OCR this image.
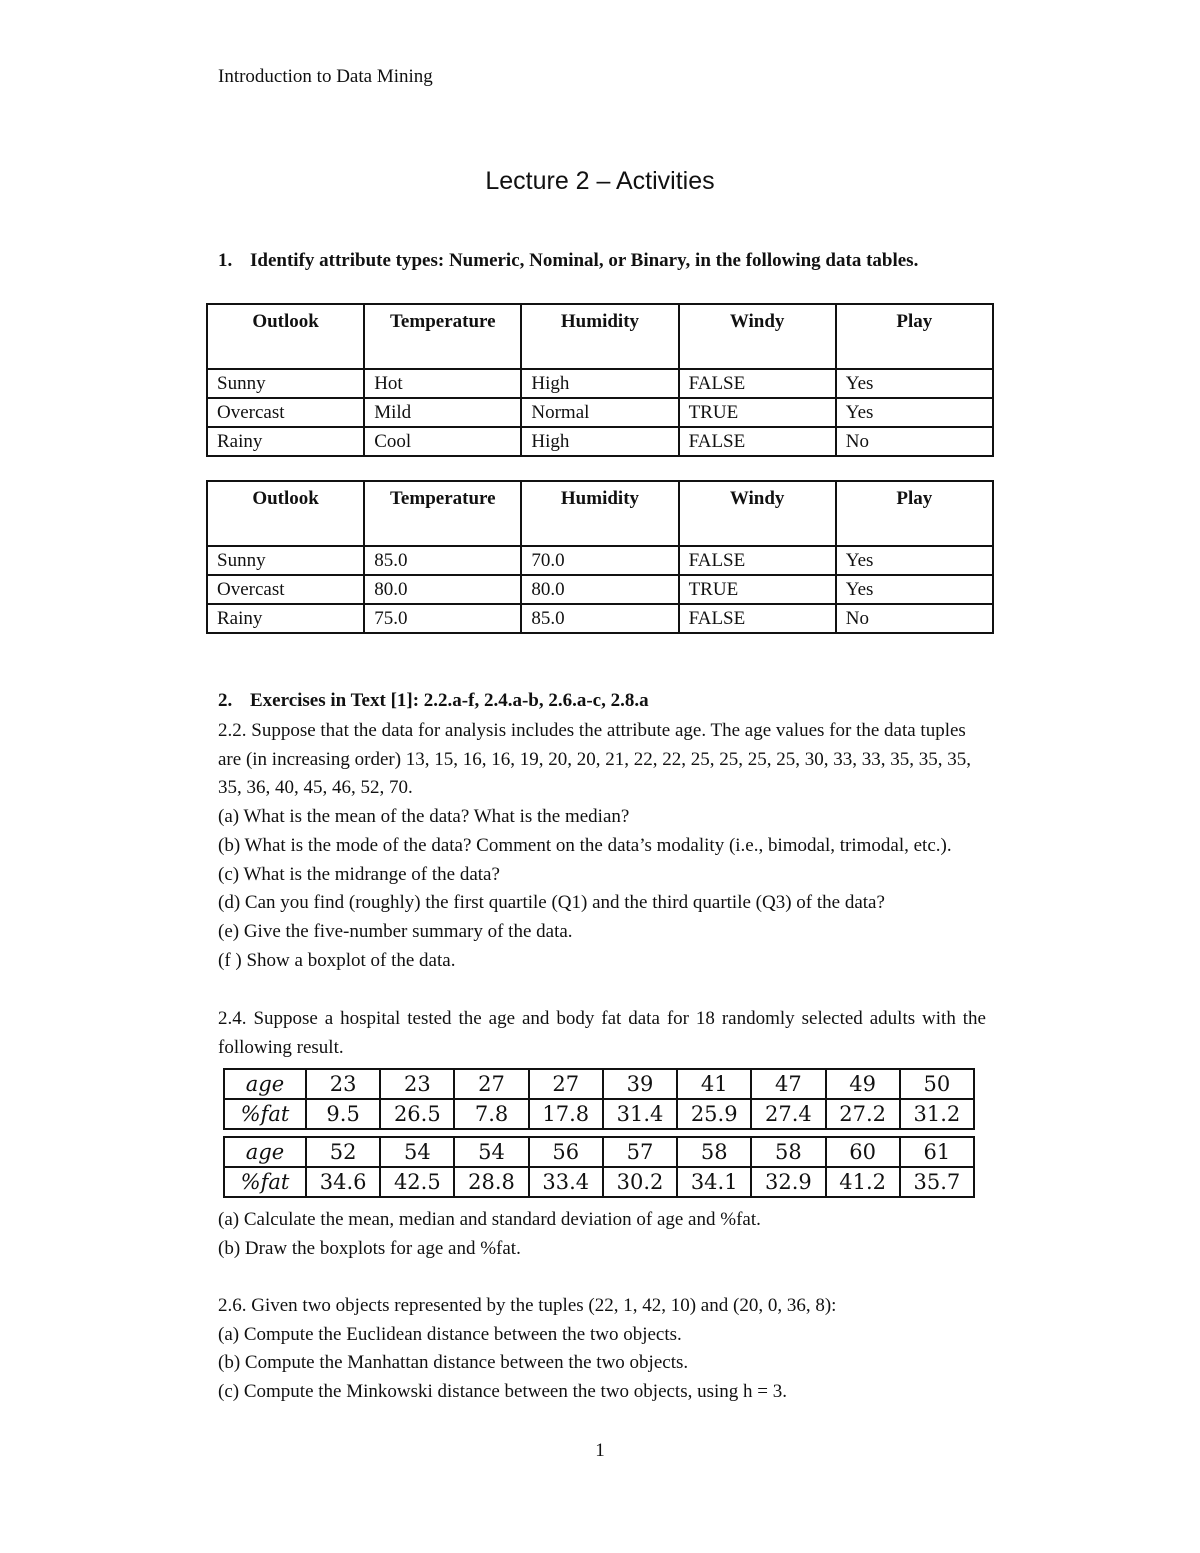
Introduction to Data Mining
Lecture 2 – Activities
1. Identify attribute types: Numeric, Nominal, or Binary, in the following data tables.
Outlook	Temperature	Humidity	Windy	Play
Sunny	Hot	High	FALSE	Yes
Overcast	Mild	Normal	TRUE	Yes
Rainy	Cool	High	FALSE	No
Outlook	Temperature	Humidity	Windy	Play
Sunny	85.0	70.0	FALSE	Yes
Overcast	80.0	80.0	TRUE	Yes
Rainy	75.0	85.0	FALSE	No
2. Exercises in Text [1]: 2.2.a-f, 2.4.a-b, 2.6.a-c, 2.8.a
2.2. Suppose that the data for analysis includes the attribute age. The age values for the data tuples
are (in increasing order) 13, 15, 16, 16, 19, 20, 20, 21, 22, 22, 25, 25, 25, 25, 30, 33, 33, 35, 35, 35,
35, 36, 40, 45, 46, 52, 70.
(a) What is the mean of the data? What is the median?
(b) What is the mode of the data? Comment on the data’s modality (i.e., bimodal, trimodal, etc.).
(c) What is the midrange of the data?
(d) Can you find (roughly) the first quartile (Q1) and the third quartile (Q3) of the data?
(e) Give the five-number summary of the data.
(f ) Show a boxplot of the data.
2.4. Suppose a hospital tested the age and body fat data for 18 randomly selected adults with the following result.
age	23	23	27	27	39	41	47	49	50
%fat	9.5	26.5	7.8	17.8	31.4	25.9	27.4	27.2	31.2
age	52	54	54	56	57	58	58	60	61
%fat	34.6	42.5	28.8	33.4	30.2	34.1	32.9	41.2	35.7
(a) Calculate the mean, median and standard deviation of age and %fat.
(b) Draw the boxplots for age and %fat.
2.6. Given two objects represented by the tuples (22, 1, 42, 10) and (20, 0, 36, 8):
(a) Compute the Euclidean distance between the two objects.
(b) Compute the Manhattan distance between the two objects.
(c) Compute the Minkowski distance between the two objects, using h = 3.
1
